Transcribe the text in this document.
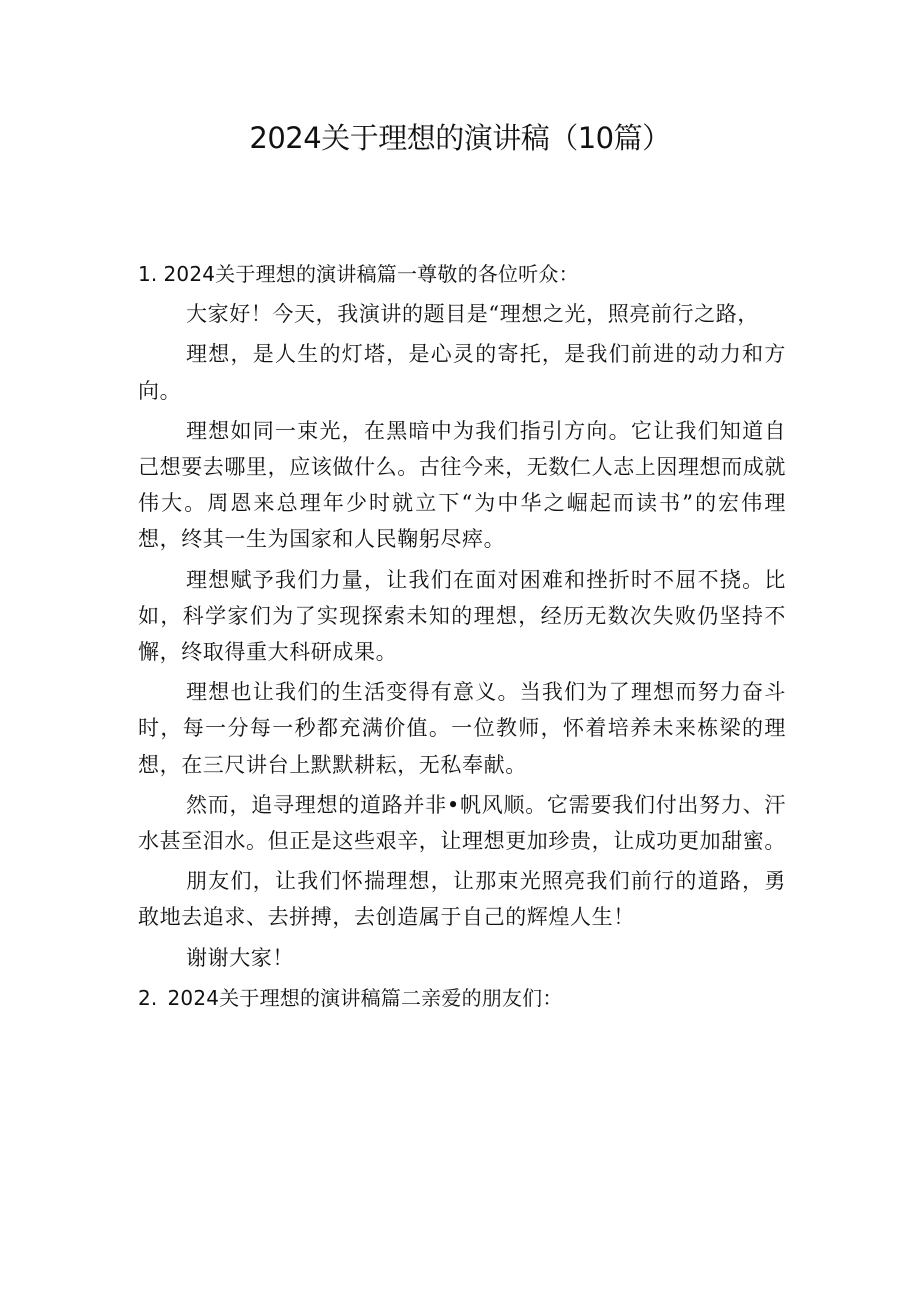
2024关于理想的演讲稿（10篇）
1. 2024关于理想的演讲稿篇一尊敬的各位听众：

大家好！今天，我演讲的题目是“理想之光，照亮前行之路，

理想，是人生的灯塔，是心灵的寄托，是我们前进的动力和方向。

理想如同一束光，在黑暗中为我们指引方向。它让我们知道自己想要去哪里，应该做什么。古往今来，无数仁人志上因理想而成就伟大。周恩来总理年少时就立下“为中华之崛起而读书”的宏伟理想，终其一生为国家和人民鞠躬尽瘁。

理想赋予我们力量，让我们在面对困难和挫折时不屈不挠。比如，科学家们为了实现探索未知的理想，经历无数次失败仍坚持不懈，终取得重大科研成果。

理想也让我们的生活变得有意义。当我们为了理想而努力奋斗时，每一分每一秒都充满价值。一位教师，怀着培养未来栋梁的理想，在三尺讲台上默默耕耘，无私奉献。

然而，追寻理想的道路并非•帆风顺。它需要我们付出努力、汗水甚至泪水。但正是这些艰辛，让理想更加珍贵，让成功更加甜蜜。

朋友们，让我们怀揣理想，让那束光照亮我们前行的道路，勇敢地去追求、去拼搏，去创造属于自己的辉煌人生！

谢谢大家！

2. 2024关于理想的演讲稿篇二亲爱的朋友们：
